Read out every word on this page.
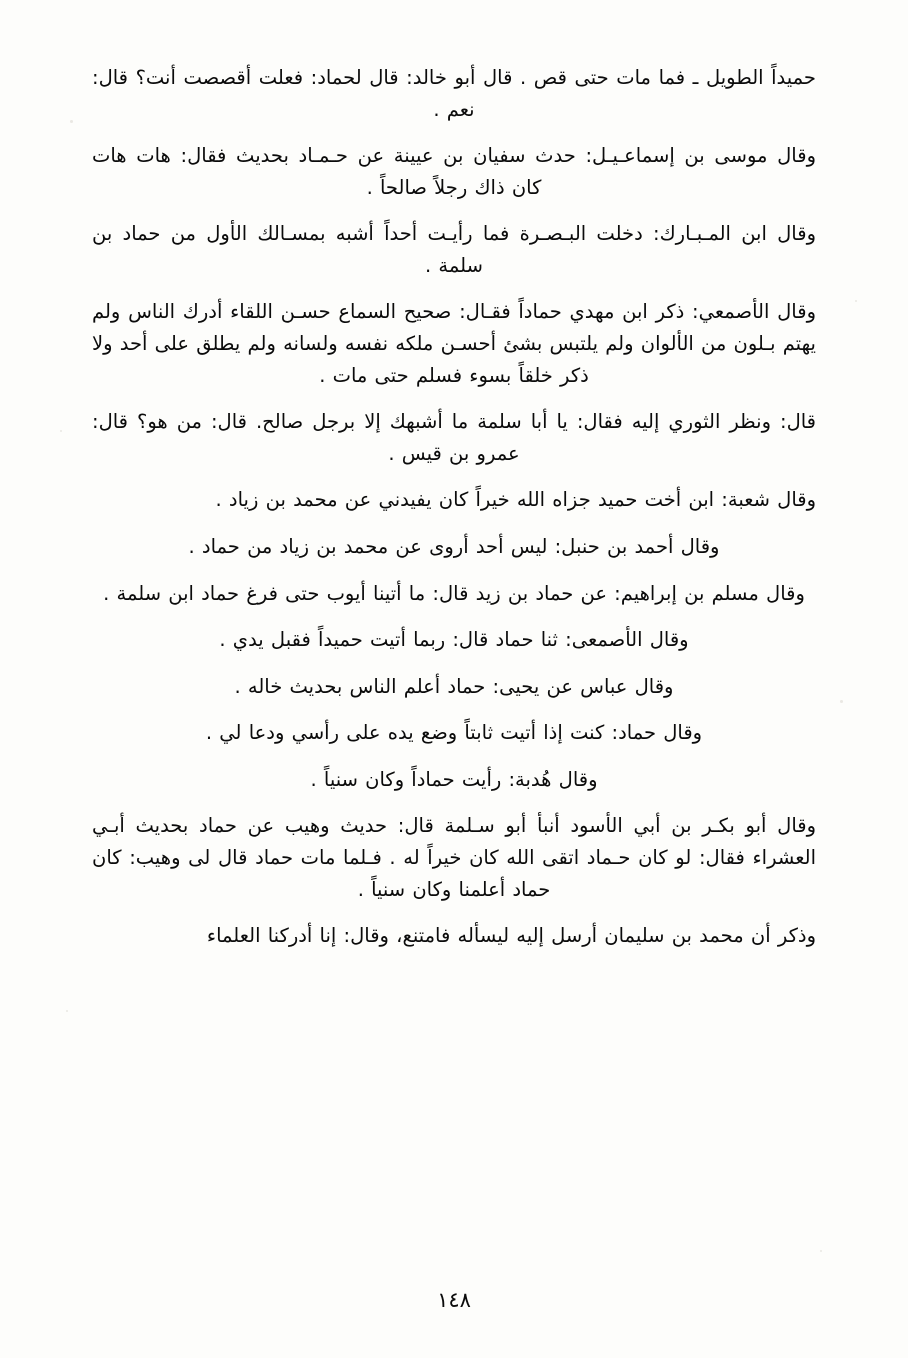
حميداً الطويل ـ فما مات حتى قص . قال أبو خالد: قال لحماد: فعلت أقصصت أنت؟ قال: نعم .

وقال موسى بن إسماعـيـل: حدث سفيان بن عيينة عن حـمـاد بحديث فقال: هات هات كان ذاك رجلاً صالحاً .

وقال ابن المـبـارك: دخلت البـصـرة فما رأيـت أحداً أشبه بمسـالك الأول من حماد بن سلمة .

وقال الأصمعي: ذكر ابن مهدي حماداً فقـال: صحيح السماع حسـن اللقاء أدرك الناس ولم يهتم بـلون من الألوان ولم يلتبس بشئ أحسـن ملكه نفسه ولسانه ولم يطلق على أحد ولا ذكر خلقاً بسوء فسلم حتى مات .

قال: ونظر الثوري إليه فقال: يا أبا سلمة ما أشبهك إلا برجل صالح. قال: من هو؟ قال: عمرو بن قيس .

وقال شعبة: ابن أخت حميد جزاه الله خيراً كان يفيدني عن محمد بن زياد .

وقال أحمد بن حنبل: ليس أحد أروى عن محمد بن زياد من حماد .

وقال مسلم بن إبراهيم: عن حماد بن زيد قال: ما أتينا أيوب حتى فرغ حماد ابن سلمة .

وقال الأصمعى: ثنا حماد قال: ربما أتيت حميداً فقبل يدي .

وقال عباس عن يحيى: حماد أعلم الناس بحديث خاله .

وقال حماد: كنت إذا أتيت ثابتاً وضع يده على رأسي ودعا لي .

وقال هُدبة: رأيت حماداً وكان سنياً .

وقال أبو بكـر بن أبي الأسود أنبأ أبو سـلمة قال: حديث وهيب عن حماد بحديث أبـي العشراء فقال: لو كان حـماد اتقى الله كان خيراً له . فـلما مات حماد قال لى وهيب: كان حماد أعلمنا وكان سنياً .

وذكر أن محمد بن سليمان أرسل إليه ليسأله فامتنع، وقال: إنا أدركنا العلماء

١٤٨
